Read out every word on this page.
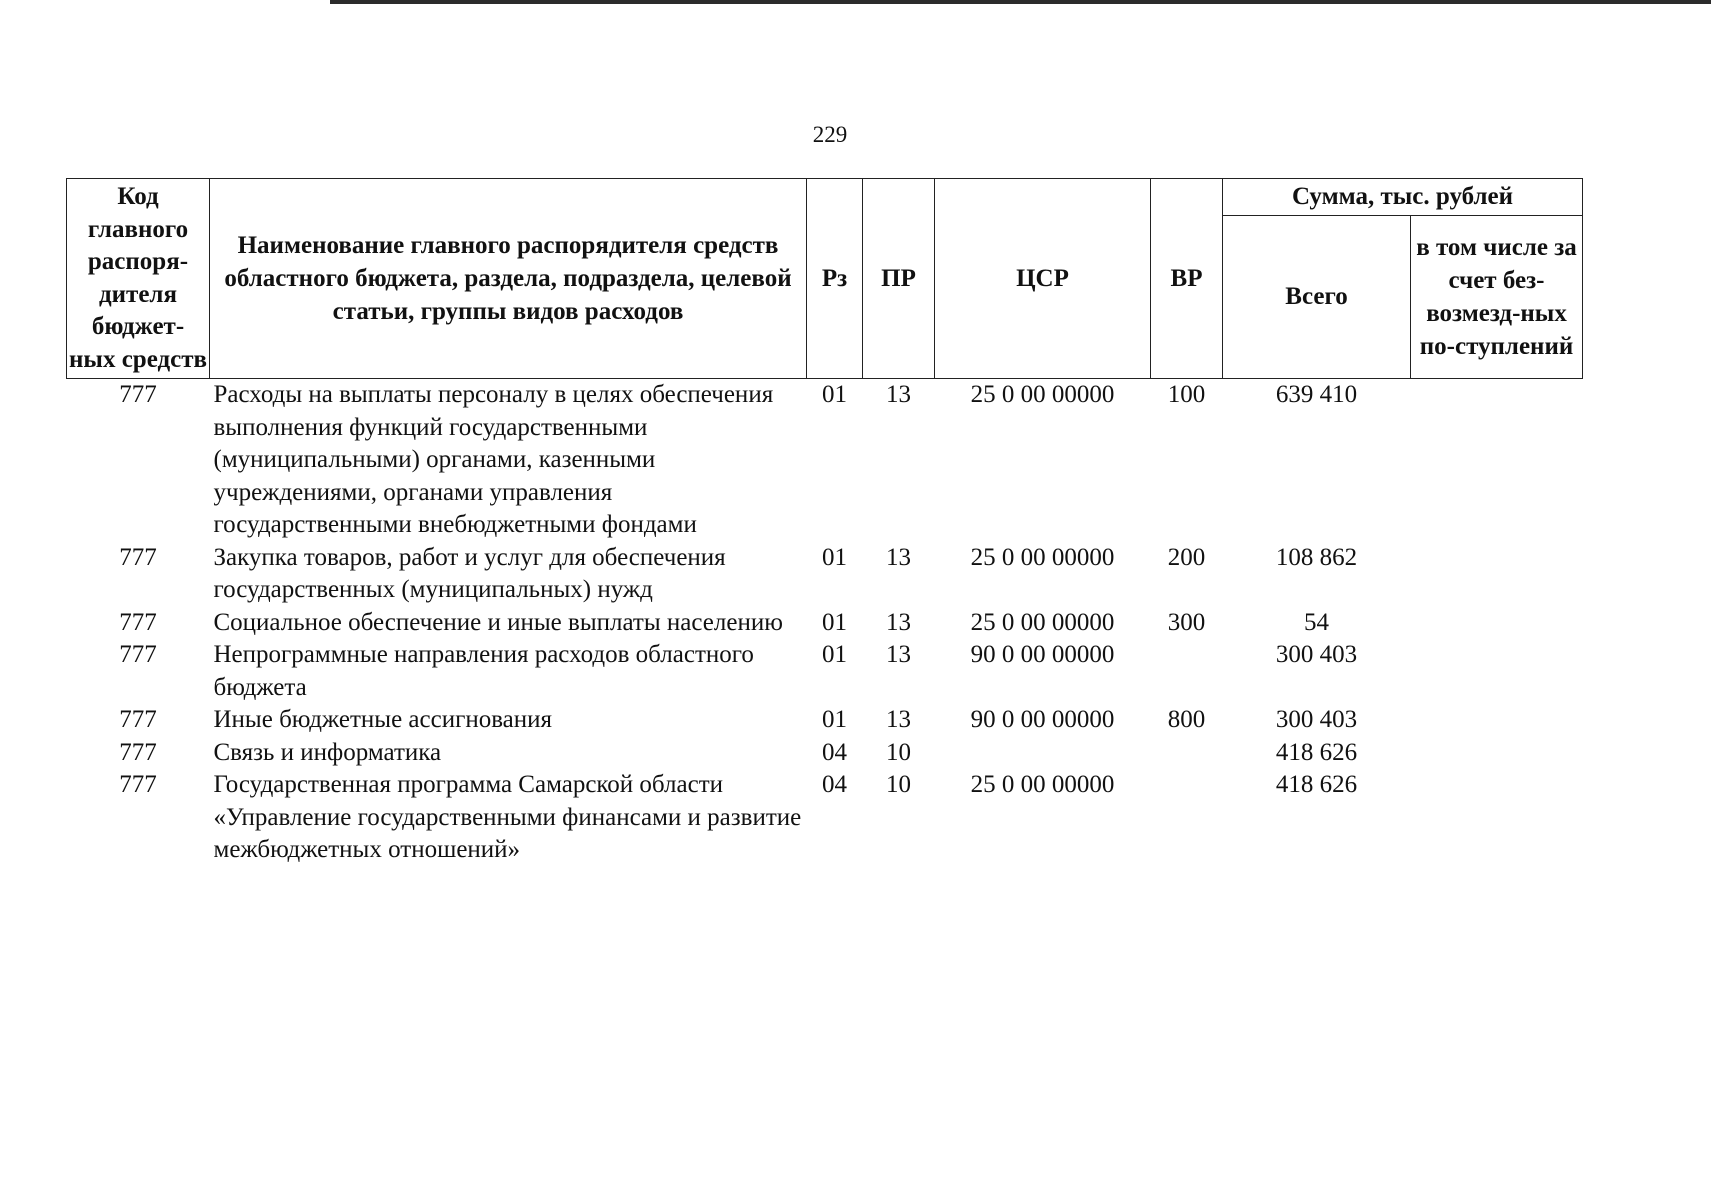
229
Код главного распоря-дителя бюджет-ных средств	Наименование главного распорядителя средств областного бюджета, раздела, подраздела, целевой статьи, группы видов расходов	Рз	ПР	ЦСР	ВР	Сумма, тыс. рублей	
						Всего	в том числе за счет без-возмезд-ных по-ступлений
777	Расходы на выплаты персоналу в целях обеспечения выполнения функций государственными (муниципальными) органами, казенными учреждениями, органами управления государственными внебюджетными фондами	01	13	25 0 00 00000	100	639 410	
777	Закупка товаров, работ и услуг для обеспечения государственных (муниципальных) нужд	01	13	25 0 00 00000	200	108 862	
777	Социальное обеспечение и иные выплаты населению	01	13	25 0 00 00000	300	54	
777	Непрограммные направления расходов областного бюджета	01	13	90 0 00 00000		300 403	
777	Иные бюджетные ассигнования	01	13	90 0 00 00000	800	300 403	
777	Связь и информатика	04	10			418 626	
777	Государственная программа Самарской области «Управление государственными финансами и развитие межбюджетных отношений»	04	10	25 0 00 00000		418 626	
